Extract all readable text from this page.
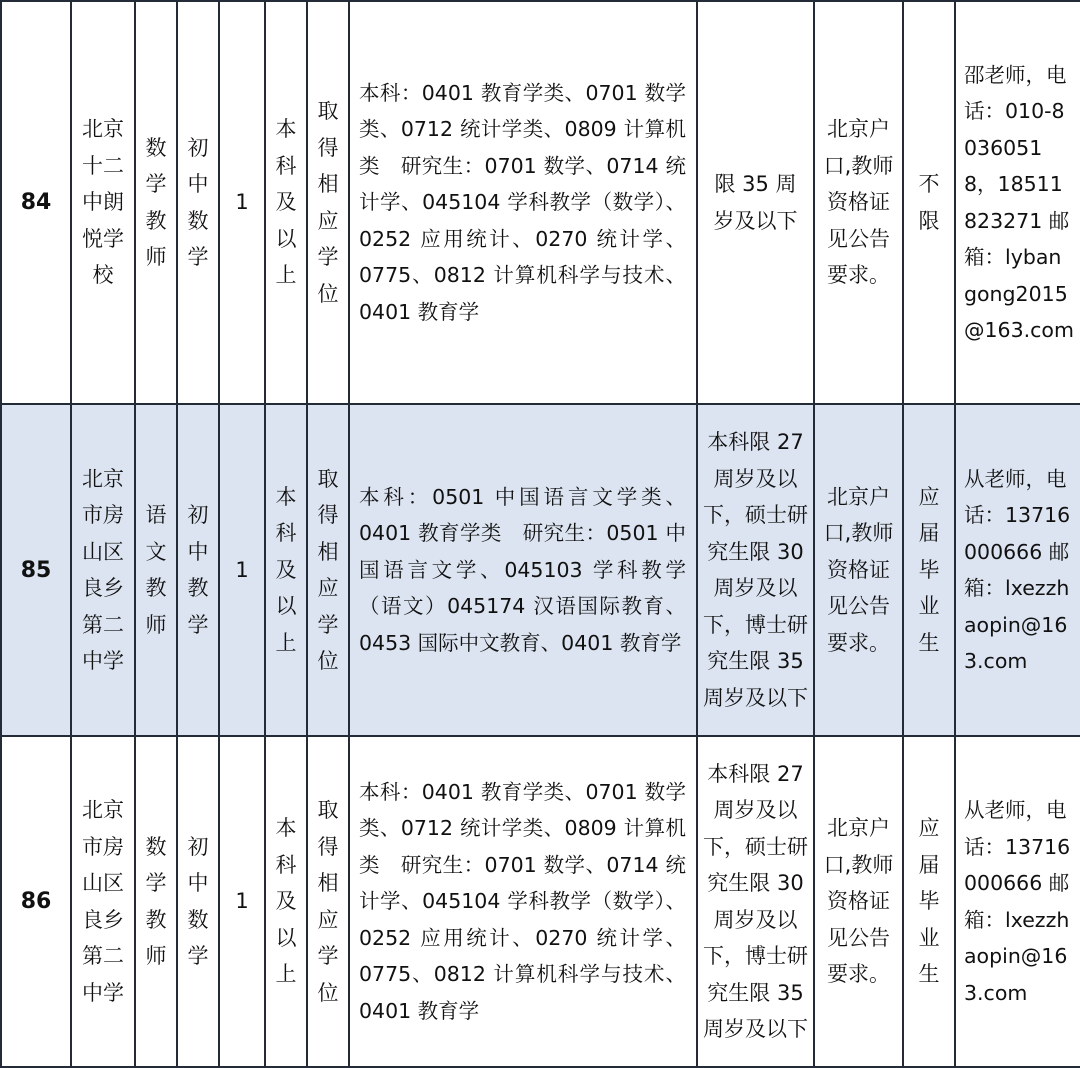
84	北京十二中朗悦学校	数学教师	初中数学	1	本科及以上	取得相应学位	本科：0401 教育学类、0701 数学类、0712 统计学类、0809 计算机类　研究生：0701 数学、0714 统计学、045104 学科教学（数学）、0252 应用统计、0270 统计学、0775、0812 计算机科学与技术、0401 教育学	限 35 周岁及以下	北京户口,教师资格证见公告要求。	不限	邵老师，电话：010-80360518，18511823271 邮箱：lybangong2015@163.com
85	北京市房山区良乡第二中学	语文教师	初中教学	1	本科及以上	取得相应学位	本科：0501 中国语言文学类、0401 教育学类　研究生：0501 中国语言文学、045103 学科教学（语文）045174 汉语国际教育、0453 国际中文教育、0401 教育学	本科限 27 周岁及以下，硕士研究生限 30 周岁及以下，博士研究生限 35 周岁及以下	北京户口,教师资格证见公告要求。	应届毕业生	从老师，电话：13716000666 邮箱：lxezzhaopin@163.com
86	北京市房山区良乡第二中学	数学教师	初中数学	1	本科及以上	取得相应学位	本科：0401 教育学类、0701 数学类、0712 统计学类、0809 计算机类　研究生：0701 数学、0714 统计学、045104 学科教学（数学）、0252 应用统计、0270 统计学、0775、0812 计算机科学与技术、0401 教育学	本科限 27 周岁及以下，硕士研究生限 30 周岁及以下，博士研究生限 35 周岁及以下	北京户口,教师资格证见公告要求。	应届毕业生	从老师，电话：13716000666 邮箱：lxezzhaopin@163.com
